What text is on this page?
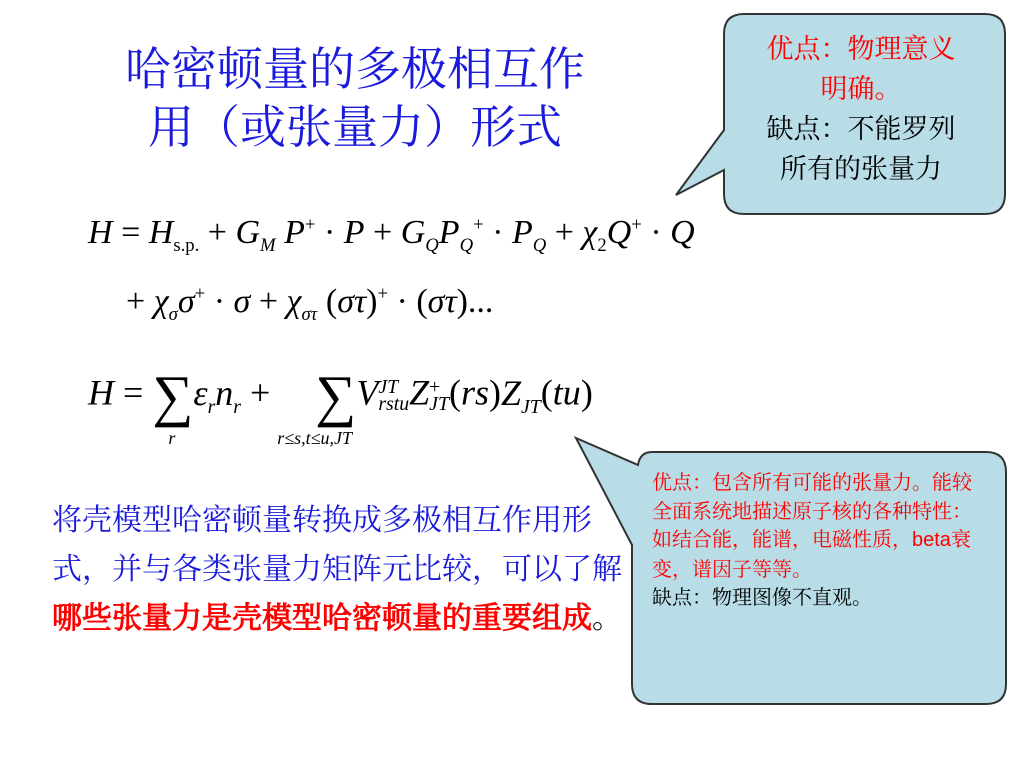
哈密顿量的多极相互作
用（或张量力）形式
优点：物理意义
明确。
缺点：不能罗列
所有的张量力
优点：包含所有可能的张量力。能较全面系统地描述原子核的各种特性：如结合能，能谱，电磁性质，beta衰变，谱因子等等。
缺点：物理图像不直观。
$H = H_{s.p.} + G_M$ $P^+ \cdot P + G_QP_Q^+ \cdot P_Q + \chi_2Q^+ \cdot Q$
+ $\chi_\sigma\sigma^+ \cdot \sigma + \chi_{\sigma\tau}$ (στ)+ · (στ)...
H = ∑
r
$\varepsilon_rn_r$ +     ∑
r≤s,t≤u,JT
VJT
rstuZ+
$JT(rs)Z_{JT}(tu)$
将壳模型哈密顿量转换成多极相互作用形式，并与各类张量力矩阵元比较，可以了解哪些张量力是壳模型哈密顿量的重要组成。
